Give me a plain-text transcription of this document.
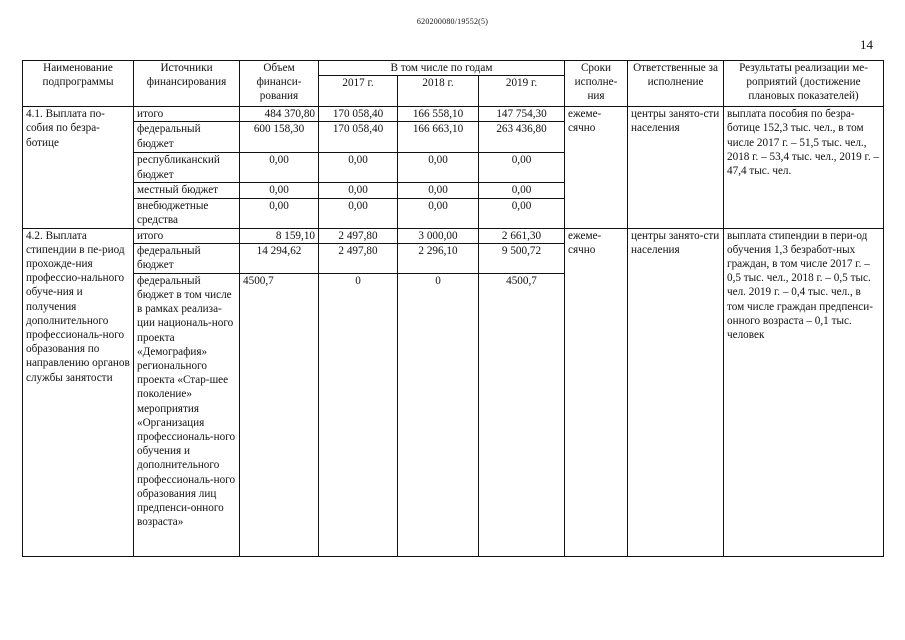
620200080/19552(5)
14
Наименование подпрограммы	Источники финансирования	Объем финанси-рования	В том числе по годам			Сроки исполне-ния	Ответственные за исполнение	Результаты реализации ме-роприятий (достижение плановых показателей)
			2017 г.	2018 г.	2019 г.			
4.1. Выплата по-собия по безра-ботице	итого	484 370,80	170 058,40	166 558,10	147 754,30	ежеме-сячно	центры занято-сти населения	выплата пособия по безра-ботице 152,3 тыс. чел., в том числе 2017 г. – 51,5 тыс. чел., 2018 г. – 53,4 тыс. чел., 2019 г. – 47,4 тыс. чел.
	федеральный бюджет	600 158,30	170 058,40	166 663,10	263 436,80			
	республиканский бюджет	0,00	0,00	0,00	0,00			
	местный бюджет	0,00	0,00	0,00	0,00			
	внебюджетные средства	0,00	0,00	0,00	0,00			
4.2. Выплата стипендии в пе-риод прохожде-ния профессио-нального обуче-ния и получения дополнительного профессиональ-ного образования по направлению органов службы занятости	итого	8 159,10	2 497,80	3 000,00	2 661,30	ежеме-сячно	центры занято-сти населения	выплата стипендии в пери-од обучения 1,3 безработ-ных граждан, в том числе 2017 г. – 0,5 тыс. чел., 2018 г. – 0,5 тыс. чел. 2019 г. – 0,4 тыс. чел., в том числе граждан предпенси-онного возраста – 0,1 тыс. человек
	федеральный бюджет	14 294,62	2 497,80	2 296,10	9 500,72			
	федеральный бюджет в том числе в рамках реализа-ции националь-ного проекта «Демография» регионального проекта «Стар-шее поколение» мероприятия «Организация профессиональ-ного обучения и дополнительного профессиональ-ного образования лиц предпенси-онного возраста»	4500,7	0	0	4500,7			
